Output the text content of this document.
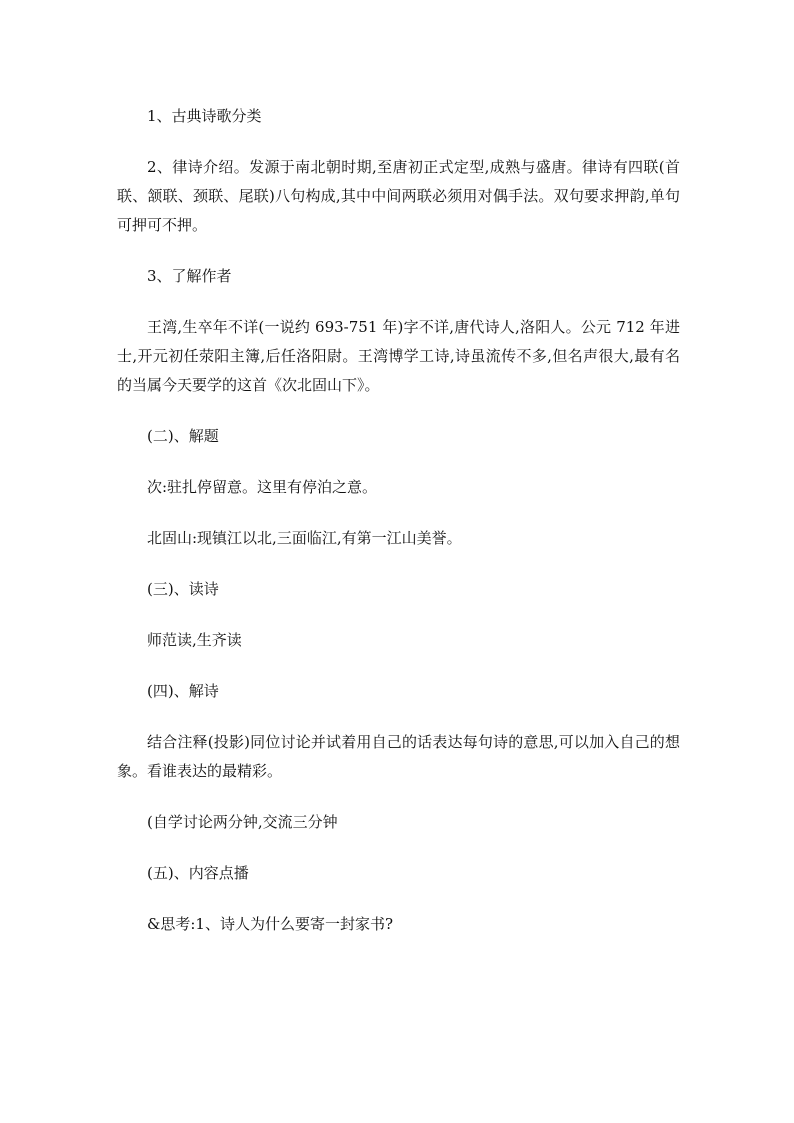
1、古典诗歌分类

2、律诗介绍。发源于南北朝时期,至唐初正式定型,成熟与盛唐。律诗有四联(首联、颔联、颈联、尾联)八句构成,其中中间两联必须用对偶手法。双句要求押韵,单句可押可不押。

3、了解作者

王湾,生卒年不详(一说约 693-751 年)字不详,唐代诗人,洛阳人。公元 712 年进士,开元初任荥阳主簿,后任洛阳尉。王湾博学工诗,诗虽流传不多,但名声很大,最有名的当属今天要学的这首《次北固山下》。

(二)、解题

次:驻扎停留意。这里有停泊之意。

北固山:现镇江以北,三面临江,有第一江山美誉。

(三)、读诗

师范读,生齐读

(四)、解诗

结合注释(投影)同位讨论并试着用自己的话表达每句诗的意思,可以加入自己的想象。看谁表达的最精彩。

(自学讨论两分钟,交流三分钟

(五)、内容点播

&思考:1、诗人为什么要寄一封家书?
